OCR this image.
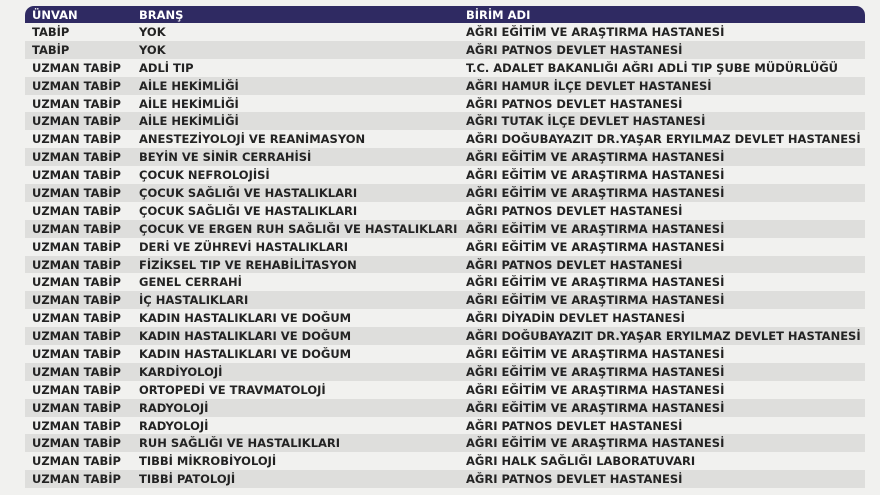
ÜNVAN	BRANŞ	BİRİM ADI
TABİP	YOK	AĞRI EĞİTİM VE ARAŞTIRMA HASTANESİ
TABİP	YOK	AĞRI PATNOS DEVLET HASTANESİ
UZMAN TABİP	ADLİ TIP	T.C. ADALET BAKANLIĞI AĞRI ADLİ TIP ŞUBE MÜDÜRLÜĞÜ
UZMAN TABİP	AİLE HEKİMLİĞİ	AĞRI HAMUR İLÇE DEVLET HASTANESİ
UZMAN TABİP	AİLE HEKİMLİĞİ	AĞRI PATNOS DEVLET HASTANESİ
UZMAN TABİP	AİLE HEKİMLİĞİ	AĞRI TUTAK İLÇE DEVLET HASTANESİ
UZMAN TABİP	ANESTEZİYOLOJİ VE REANİMASYON	AĞRI DOĞUBAYAZIT DR.YAŞAR ERYILMAZ DEVLET HASTANESİ
UZMAN TABİP	BEYİN VE SİNİR CERRAHİSİ	AĞRI EĞİTİM VE ARAŞTIRMA HASTANESİ
UZMAN TABİP	ÇOCUK NEFROLOJİSİ	AĞRI EĞİTİM VE ARAŞTIRMA HASTANESİ
UZMAN TABİP	ÇOCUK SAĞLIĞI VE HASTALIKLARI	AĞRI EĞİTİM VE ARAŞTIRMA HASTANESİ
UZMAN TABİP	ÇOCUK SAĞLIĞI VE HASTALIKLARI	AĞRI PATNOS DEVLET HASTANESİ
UZMAN TABİP	ÇOCUK VE ERGEN RUH SAĞLIĞI VE HASTALIKLARI AĞRI EĞİTİM VE ARAŞTIRMA HASTANESİ
UZMAN TABİP	DERİ VE ZÜHREVİ HASTALIKLARI	AĞRI EĞİTİM VE ARAŞTIRMA HASTANESİ
UZMAN TABİP	FİZİKSEL TIP VE REHABİLİTASYON	AĞRI PATNOS DEVLET HASTANESİ
UZMAN TABİP	GENEL CERRAHİ	AĞRI EĞİTİM VE ARAŞTIRMA HASTANESİ
UZMAN TABİP	İÇ HASTALIKLARI	AĞRI EĞİTİM VE ARAŞTIRMA HASTANESİ
UZMAN TABİP	KADIN HASTALIKLARI VE DOĞUM	AĞRI DİYADİN DEVLET HASTANESİ
UZMAN TABİP	KADIN HASTALIKLARI VE DOĞUM	AĞRI DOĞUBAYAZIT DR.YAŞAR ERYILMAZ DEVLET HASTANESİ
UZMAN TABİP	KADIN HASTALIKLARI VE DOĞUM	AĞRI EĞİTİM VE ARAŞTIRMA HASTANESİ
UZMAN TABİP	KARDİYOLOJİ	AĞRI EĞİTİM VE ARAŞTIRMA HASTANESİ
UZMAN TABİP	ORTOPEDİ VE TRAVMATOLOJİ	AĞRI EĞİTİM VE ARAŞTIRMA HASTANESİ
UZMAN TABİP	RADYOLOJİ	AĞRI EĞİTİM VE ARAŞTIRMA HASTANESİ
UZMAN TABİP	RADYOLOJİ	AĞRI PATNOS DEVLET HASTANESİ
UZMAN TABİP	RUH SAĞLIĞI VE HASTALIKLARI	AĞRI EĞİTİM VE ARAŞTIRMA HASTANESİ
UZMAN TABİP	TIBBİ MİKROBİYOLOJİ	AĞRI HALK SAĞLIĞI LABORATUVARI
UZMAN TABİP	TIBBİ PATOLOJİ	AĞRI PATNOS DEVLET HASTANESİ
